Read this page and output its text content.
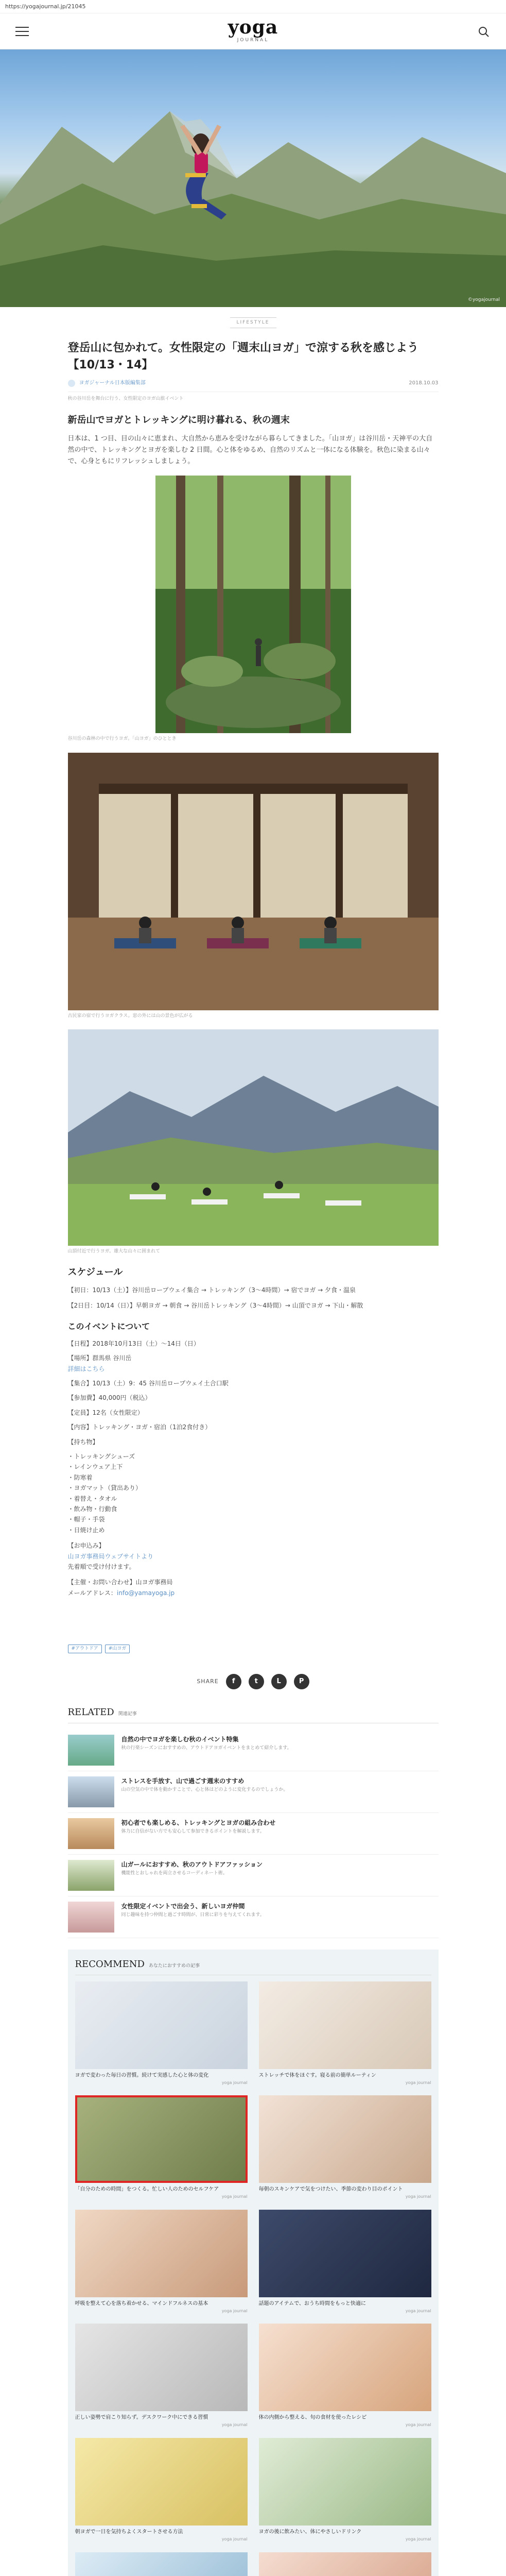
https://yogajournal.jp/21045
yoga
JOURNAL
©yogajournal
LIFESTYLE
登岳山に包かれて。女性限定の「週末山ヨガ」で涼する秋を感じよう【10/13・14】
ヨガジャーナル日本版編集部	2018.10.03
秋の谷川岳を舞台に行う、女性限定のヨガ山旅イベント
新岳山でヨガとトレッキングに明け暮れる、秋の週末

日本は、1 つ目、目の山々に恵まれ、大自然から恵みを受けながら暮らしてきました。「山ヨガ」は谷川岳・天神平の大自然の中で、トレッキングとヨガを楽しむ 2 日間。心と体をゆるめ、自然のリズムと一体になる体験を。秋色に染まる山々で、心身ともにリフレッシュしましょう。

谷川岳の森林の中で行うヨガ。「山ヨガ」のひととき
古民家の宿で行うヨガクラス。窓の外には山の景色が広がる
山頂付近で行うヨガ。雄大な山々に囲まれて
スケジュール

【初日：10/13（土）】谷川岳ロープウェイ集合 → トレッキング（3～4時間）→ 宿でヨガ → 夕食・温泉

【2日目：10/14（日）】早朝ヨガ → 朝食 → 谷川岳トレッキング（3～4時間）→ 山頂でヨガ → 下山・解散

このイベントについて

【日程】2018年10月13日（土）～14日（日）

【場所】群馬県 谷川岳
詳細はこちら

【集合】10/13（土）9：45 谷川岳ロープウェイ土合口駅

【参加費】40,000円（税込）

【定員】12名（女性限定）

【内容】トレッキング・ヨガ・宿泊（1泊2食付き）

【持ち物】

・トレッキングシューズ
・レインウェア上下
・防寒着
・ヨガマット（貸出あり）
・着替え・タオル
・飲み物・行動食
・帽子・手袋
・日焼け止め

【お申込み】

山ヨガ事務局ウェブサイトより

先着順で受け付けます。

【主催・お問い合わせ】山ヨガ事務局

メールアドレス：info@yamayoga.jp

#アウトドア	#山ヨガ
SHARE	f	t	L	P
RELATED 関連記事
自然の中でヨガを楽しむ秋のイベント特集
秋の行楽シーズンにおすすめの、アウトドアヨガイベントをまとめて紹介します。
ストレスを手放す、山で過ごす週末のすすめ
山の空気の中で体を動かすことで、心と体はどのように変化するのでしょうか。
初心者でも楽しめる、トレッキングとヨガの組み合わせ
体力に自信がない方でも安心して参加できるポイントを解説します。
山ガールにおすすめ、秋のアウトドアファッション
機能性とおしゃれを両立させるコーディネート術。
女性限定イベントで出会う、新しいヨガ仲間
同じ趣味を持つ仲間と過ごす時間が、日常に彩りを与えてくれます。
RECOMMEND あなたにおすすめの記事
ヨガで変わった毎日の習慣。続けて実感した心と体の変化
yoga journal
ストレッチで体をほぐす。寝る前の簡単ルーティン
yoga journal
「自分のための時間」をつくる。忙しい人のためのセルフケア
yoga journal
毎朝のスキンケアで気をつけたい、季節の変わり目のポイント
yoga journal
呼吸を整えて心を落ち着かせる、マインドフルネスの基本
yoga journal
話題のアイテムで、おうち時間をもっと快適に
yoga journal
正しい姿勢で肩こり知らず。デスクワーク中にできる習慣
yoga journal
体の内側から整える、旬の食材を使ったレシピ
yoga journal
朝ヨガで一日を気持ちよくスタートさせる方法
yoga journal
ヨガの後に飲みたい、体にやさしいドリンク
yoga journal
